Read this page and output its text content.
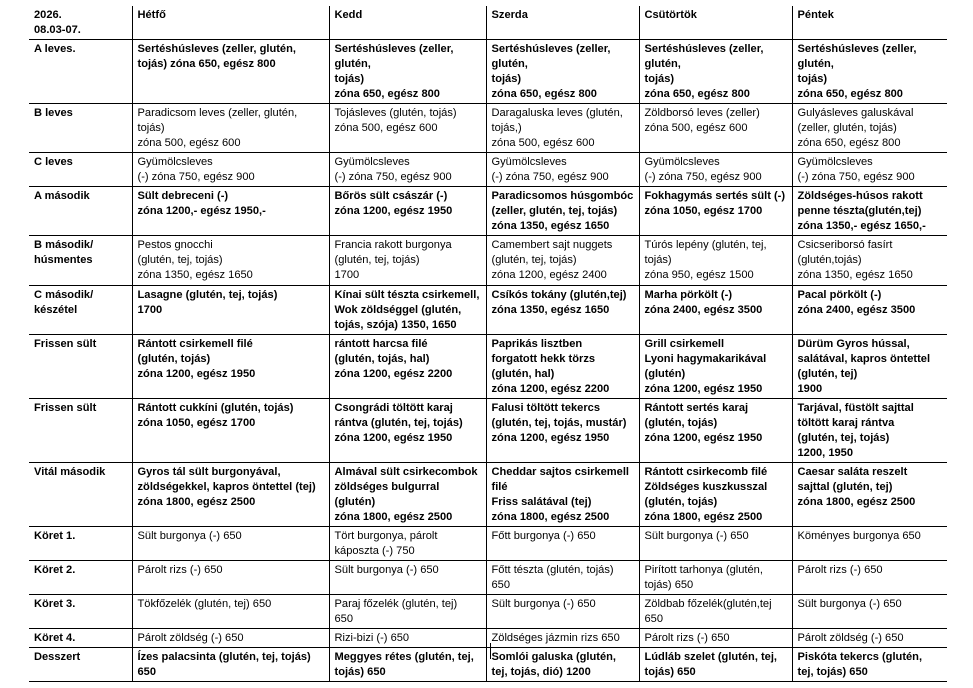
2026.
08.03-07.	Hétfő	Kedd	Szerda	Csütörtök	Péntek
A leves.	Sertéshúsleves (zeller, glutén,
tojás) zóna 650, egész 800	Sertéshúsleves (zeller, glutén,
tojás)
zóna 650, egész 800	Sertéshúsleves (zeller, glutén,
tojás)
zóna 650, egész 800	Sertéshúsleves (zeller, glutén,
tojás)
zóna 650, egész 800	Sertéshúsleves (zeller, glutén,
tojás)
zóna 650, egész 800
B leves	Paradicsom leves (zeller, glutén,
tojás)
zóna 500, egész 600	Tojásleves (glutén, tojás)
zóna 500, egész 600	Daragaluska leves (glutén,
tojás,)
zóna 500, egész 600	Zöldborsó leves (zeller)
zóna 500, egész 600	Gulyásleves galuskával
(zeller, glutén, tojás)
zóna 650, egész 800
C leves	Gyümölcsleves
(-) zóna 750, egész 900	Gyümölcsleves
(-) zóna 750, egész 900	Gyümölcsleves
(-) zóna 750, egész 900	Gyümölcsleves
(-) zóna 750, egész 900	Gyümölcsleves
(-) zóna 750, egész 900
A második	Sült debreceni (-)
zóna 1200,- egész 1950,-	Bőrös sült császár (-)
zóna 1200, egész 1950	Paradicsomos húsgombóc
(zeller, glutén, tej, tojás)
zóna 1350, egész 1650	Fokhagymás sertés sült (-)
zóna 1050, egész 1700	Zöldséges-húsos rakott
penne tészta(glutén,tej)
zóna 1350,- egész 1650,-
B második/
húsmentes	Pestos gnocchi
(glutén, tej, tojás)
zóna 1350, egész 1650	Francia rakott burgonya
(glutén, tej, tojás)
1700	Camembert sajt nuggets
(glutén, tej, tojás)
zóna 1200, egész 2400	Túrós lepény (glutén, tej,
tojás)
zóna 950, egész 1500	Csicseriborsó fasírt
(glutén,tojás)
zóna 1350, egész 1650
C második/
készétel	Lasagne (glutén, tej, tojás)
1700	Kínai sült tészta csirkemell,
Wok zöldséggel (glutén,
tojás, szója) 1350, 1650	Csíkós tokány (glutén,tej)
zóna 1350, egész 1650	Marha pörkölt (-)
zóna 2400, egész 3500	Pacal pörkölt (-)
zóna 2400, egész 3500
Frissen sült	Rántott csirkemell filé
(glutén, tojás)
zóna 1200, egész 1950	rántott harcsa filé
(glutén, tojás, hal)
zóna 1200, egész 2200	Paprikás lisztben
forgatott hekk törzs
(glutén, hal)
zóna 1200, egész 2200	Grill csirkemell
Lyoni hagymakarikával
(glutén)
zóna 1200, egész 1950	Dürüm Gyros hússal,
salátával, kapros öntettel
(glutén, tej)
1900
Frissen sült	Rántott cukkíni (glutén, tojás)
zóna 1050, egész 1700	Csongrádi töltött karaj
rántva (glutén, tej, tojás)
zóna 1200, egész 1950	Falusi töltött tekercs
(glutén, tej, tojás, mustár)
zóna 1200, egész 1950	Rántott sertés karaj
(glutén, tojás)
zóna 1200, egész 1950	Tarjával, füstölt sajttal
töltött karaj rántva
(glutén, tej, tojás)
1200, 1950
Vitál második	Gyros tál sült burgonyával,
zöldségekkel, kapros öntettel (tej)
zóna 1800, egész 2500	Almával sült csirkecombok
zöldséges bulgurral
(glutén)
zóna 1800, egész 2500	Cheddar sajtos csirkemell
filé
Friss salátával (tej)
zóna 1800, egész 2500	Rántott csirkecomb filé
Zöldséges kuszkusszal
(glutén, tojás)
zóna 1800, egész 2500	Caesar saláta reszelt
sajttal (glutén, tej)
zóna 1800, egész 2500
Köret 1.	Sült burgonya (-) 650	Tört burgonya, párolt
káposzta (-) 750	Főtt burgonya (-) 650	Sült burgonya (-) 650	Köményes burgonya 650
Köret 2.	Párolt rizs (-) 650	Sült burgonya (-) 650	Főtt tészta (glutén, tojás)
650	Pirított tarhonya (glutén,
tojás) 650	Párolt rizs (-) 650
Köret 3.	Tökfőzelék (glutén, tej) 650	Paraj főzelék (glutén, tej)
650	Sült burgonya (-) 650	Zöldbab főzelék(glutén,tej
650	Sült burgonya (-) 650
Köret 4.	Párolt zöldség (-) 650	Rizi-bizi (-) 650	Zöldséges jázmin rizs 650	Párolt rizs (-) 650	Párolt zöldség (-) 650
Desszert	Ízes palacsinta (glutén, tej, tojás)
650	Meggyes rétes (glutén, tej,
tojás) 650	Somlói galuska (glutén,
tej, tojás, dió) 1200	Lúdláb szelet (glutén, tej,
tojás) 650	Piskóta tekercs (glutén,
tej, tojás) 650
